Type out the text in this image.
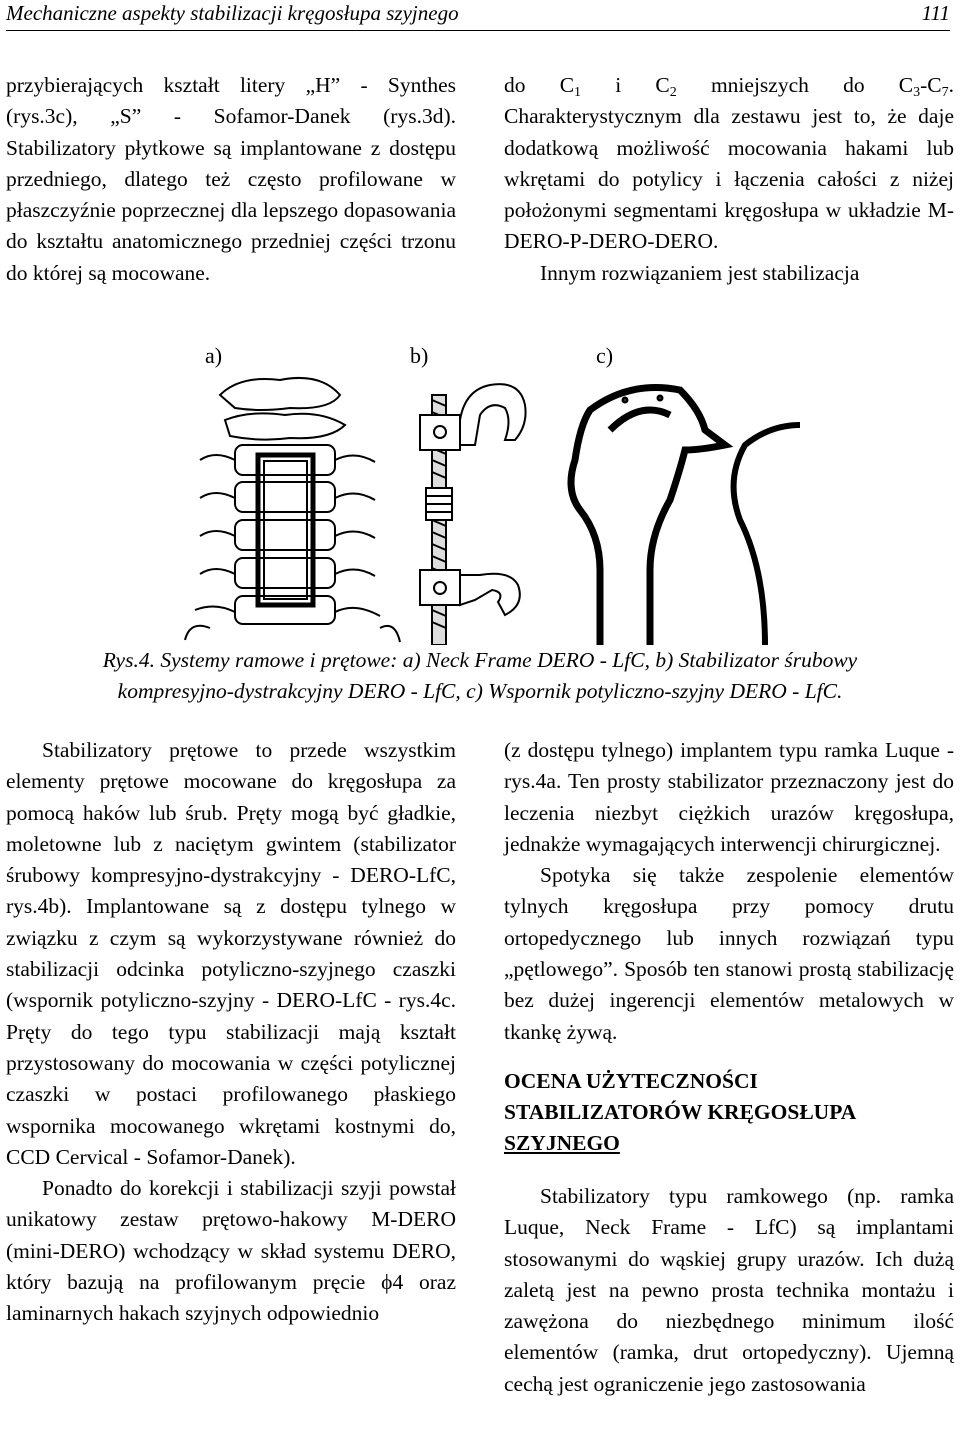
Mechaniczne aspekty stabilizacji kręgosłupa szyjnego	111

przybierających kształt litery „H” - Synthes (rys.3c), „S” - Sofamor-Danek (rys.3d). Stabilizatory płytkowe są implantowane z dostępu przedniego, dlatego też często profilowane w płaszczyźnie poprzecznej dla lepszego dopasowania do kształtu anatomicznego przedniej części trzonu do której są mocowane.

do $C_1$ i $C_2$ mniejszych do $C_3-C_7$. Charakterystycznym dla zestawu jest to, że daje dodatkową możliwość mocowania hakami lub wkrętami do potylicy i łączenia całości z niżej położonymi segmentami kręgosłupa w układzie M-DERO-P-DERO-DERO.

Innym rozwiązaniem jest stabilizacja

a)	b)	c)
Rys.4. Systemy ramowe i prętowe: a) Neck Frame DERO - LfC, b) Stabilizator śrubowy
kompresyjno-dystrakcyjny DERO - LfC, c) Wspornik potyliczno-szyjny DERO - LfC.

Stabilizatory prętowe to przede wszystkim elementy prętowe mocowane do kręgosłupa za pomocą haków lub śrub. Pręty mogą być gładkie, moletowne lub z naciętym gwintem (stabilizator śrubowy kompresyjno-dystrakcyjny - DERO-LfC, rys.4b). Implantowane są z dostępu tylnego w związku z czym są wykorzystywane również do stabilizacji odcinka potyliczno-szyjnego czaszki (wspornik potyliczno-szyjny - DERO-LfC - rys.4c. Pręty do tego typu stabilizacji mają kształt przystosowany do mocowania w części potylicznej czaszki w postaci profilowanego płaskiego wspornika mocowanego wkrętami kostnymi do, CCD Cervical - Sofamor-Danek).

Ponadto do korekcji i stabilizacji szyji powstał unikatowy zestaw prętowo-hakowy M-DERO (mini-DERO) wchodzący w skład systemu DERO, który bazują na profilowanym pręcie ϕ4 oraz laminarnych hakach szyjnych odpowiednio

(z dostępu tylnego) implantem typu ramka Luque - rys.4a. Ten prosty stabilizator przeznaczony jest do leczenia niezbyt ciężkich urazów kręgosłupa, jednakże wymagających interwencji chirurgicznej.

Spotyka się także zespolenie elementów tylnych kręgosłupa przy pomocy drutu ortopedycznego lub innych rozwiązań typu „pętlowego”. Sposób ten stanowi prostą stabilizację bez dużej ingerencji elementów metalowych w tkankę żywą.

OCENA UŻYTECZNOŚCI
STABILIZATORÓW KRĘGOSŁUPA
SZYJNEGO

Stabilizatory typu ramkowego (np. ramka Luque, Neck Frame - LfC) są implantami stosowanymi do wąskiej grupy urazów. Ich dużą zaletą jest na pewno prosta technika montażu i zawężona do niezbędnego minimum ilość elementów (ramka, drut ortopedyczny). Ujemną cechą jest ograniczenie jego zastosowania
